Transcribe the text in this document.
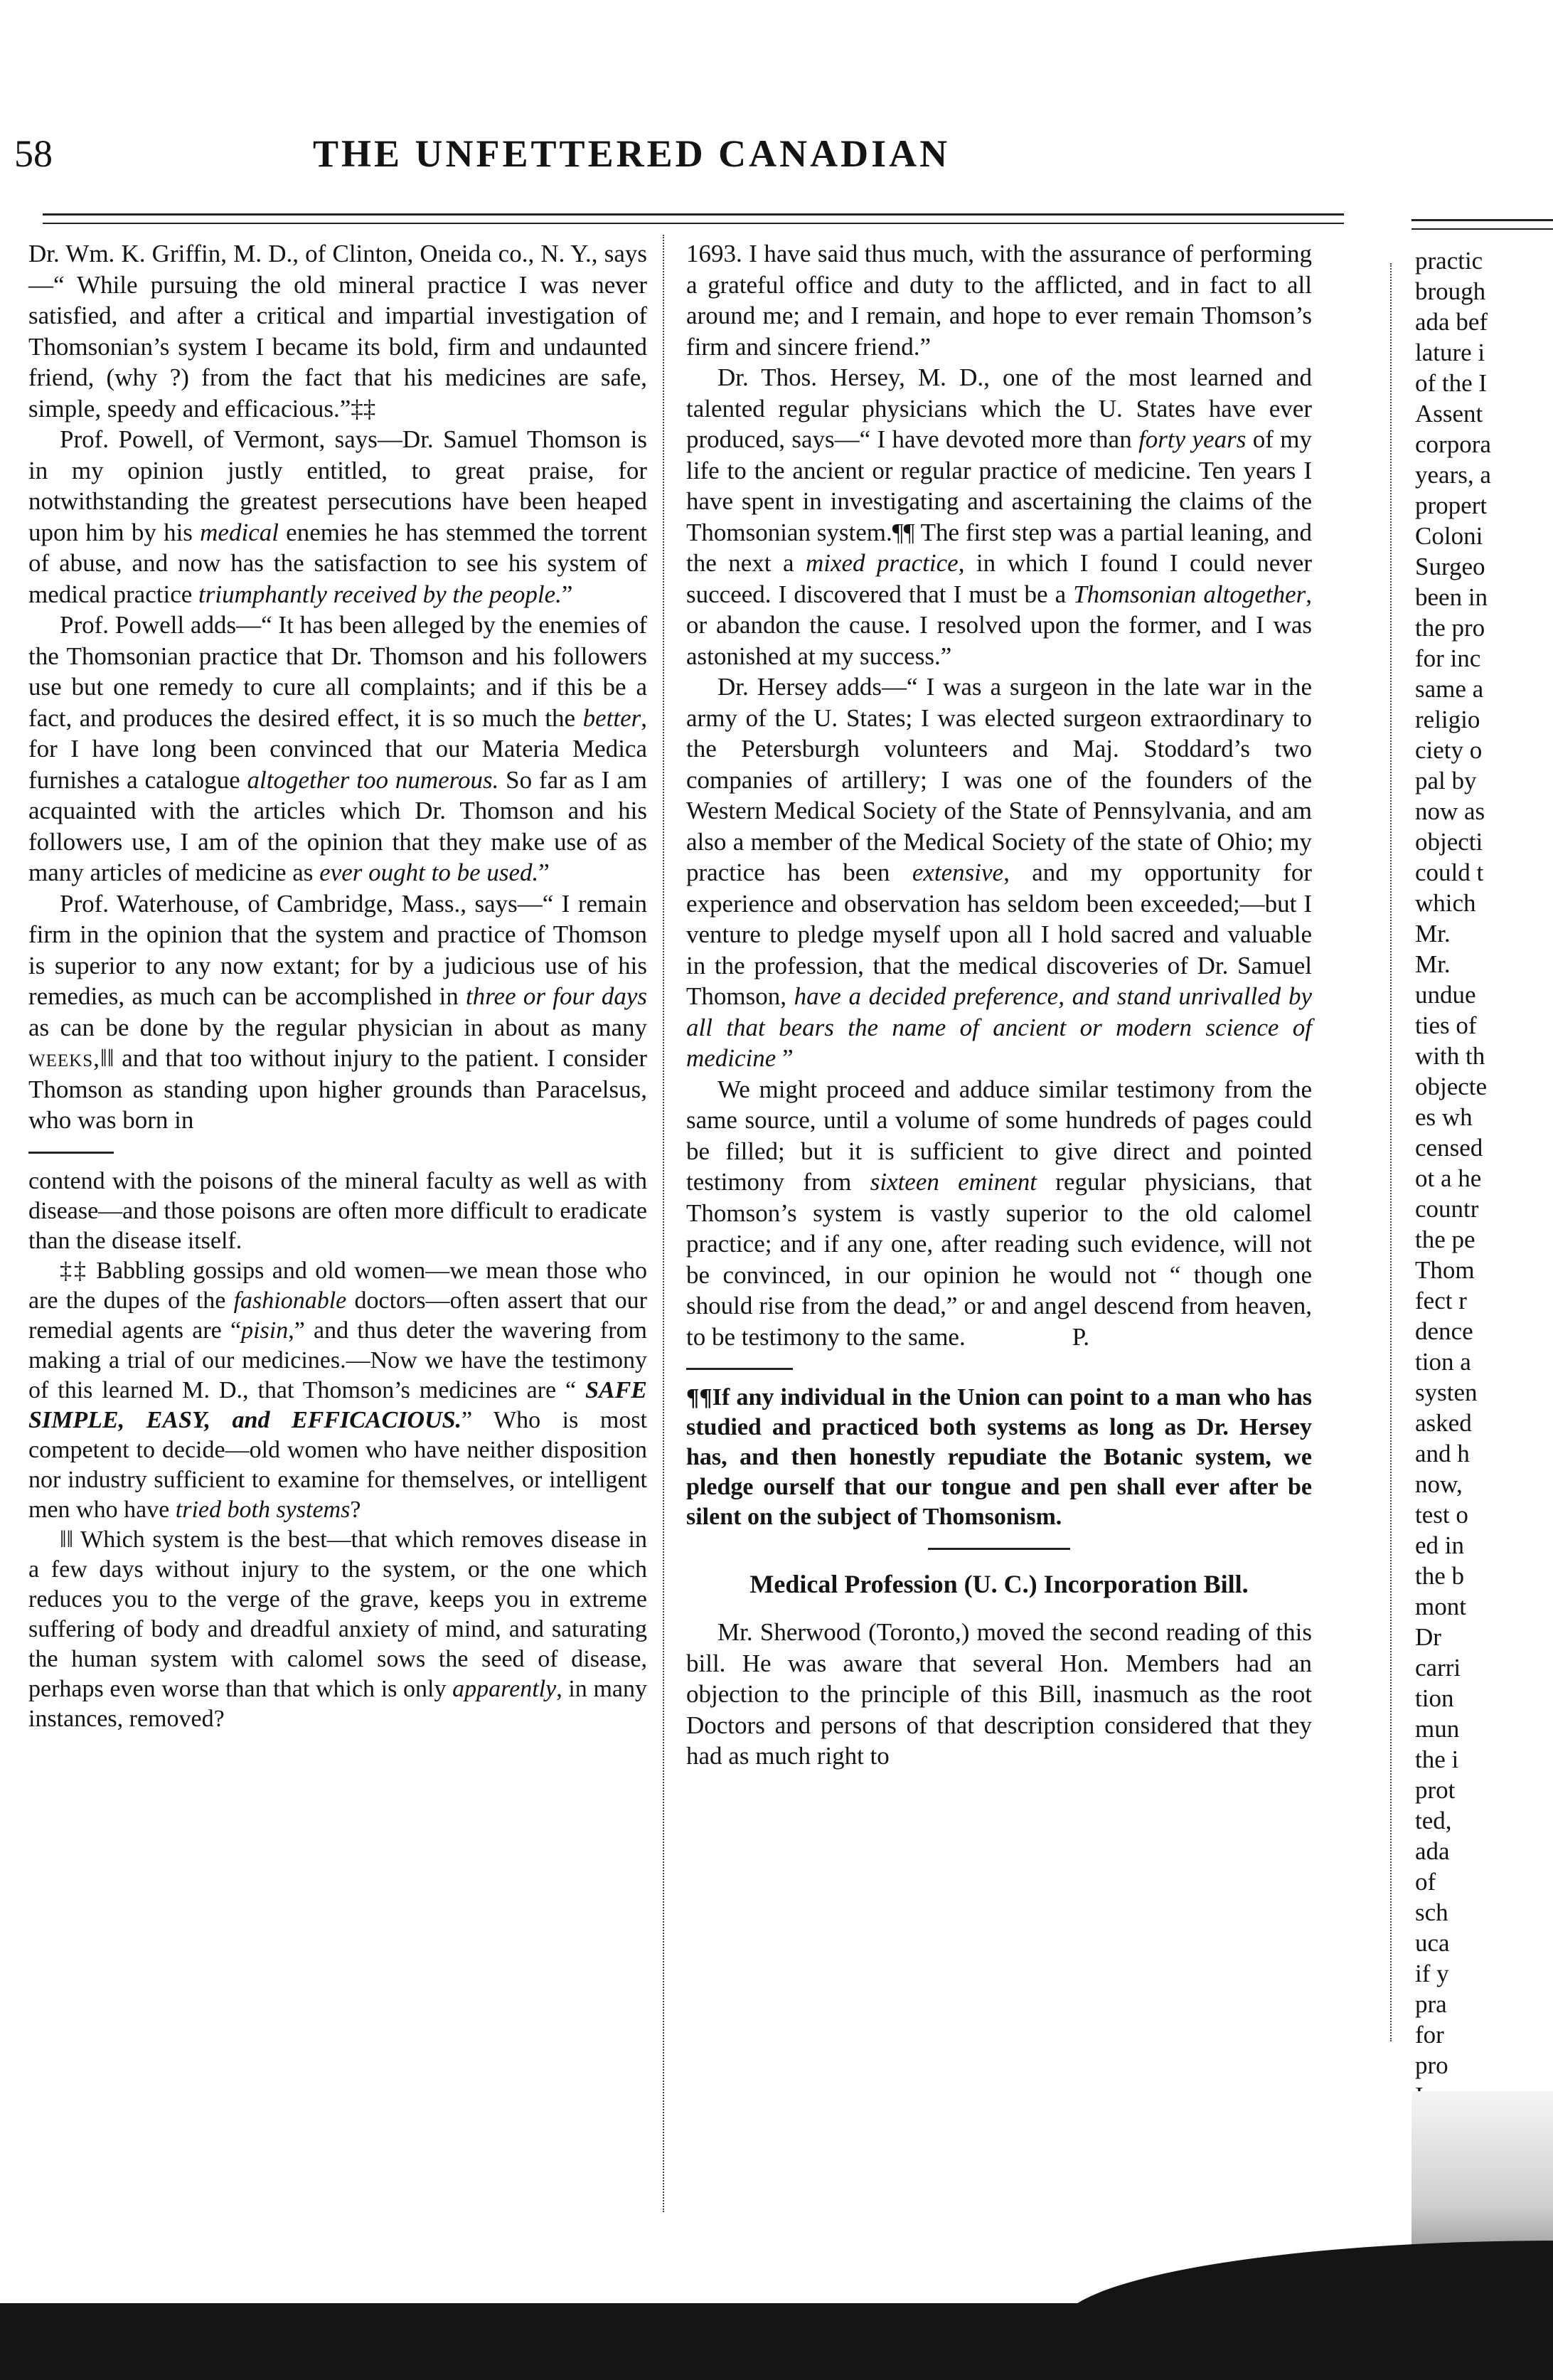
58	THE UNFETTERED CANADIAN

Dr. Wm. K. Griffin, M. D., of Clinton, Oneida co., N. Y., says—“ While pursuing the old mineral practice I was never satisfied, and after a critical and impartial investigation of Thomsonian’s system I became its bold, firm and undaunted friend, (why ?) from the fact that his medicines are safe, simple, speedy and efficacious.”‡‡

Prof. Powell, of Vermont, says—Dr. Samuel Thomson is in my opinion justly entitled, to great praise, for notwithstanding the greatest persecutions have been heaped upon him by his medical enemies he has stemmed the torrent of abuse, and now has the satisfaction to see his system of medical practice triumphantly received by the people.”

Prof. Powell adds—“ It has been alleged by the enemies of the Thomsonian practice that Dr. Thomson and his followers use but one remedy to cure all complaints; and if this be a fact, and produces the desired effect, it is so much the better, for I have long been convinced that our Materia Medica furnishes a catalogue altogether too numerous. So far as I am acquainted with the articles which Dr. Thomson and his followers use, I am of the opinion that they make use of as many articles of medicine as ever ought to be used.”

Prof. Waterhouse, of Cambridge, Mass., says—“ I remain firm in the opinion that the system and practice of Thomson is superior to any now extant; for by a judicious use of his remedies, as much can be accomplished in three or four days as can be done by the regular physician in about as many weeks,‖‖ and that too without injury to the patient. I consider Thomson as standing upon higher grounds than Paracelsus, who was born in

contend with the poisons of the mineral faculty as well as with disease—and those poisons are often more difficult to eradicate than the disease itself.

‡‡ Babbling gossips and old women—we mean those who are the dupes of the fashionable doctors—often assert that our remedial agents are “pisin,” and thus deter the wavering from making a trial of our medicines.—Now we have the testimony of this learned M. D., that Thomson’s medicines are “ SAFE SIMPLE, EASY, and EFFICACIOUS.” Who is most competent to decide—old women who have neither disposition nor industry sufficient to examine for themselves, or intelligent men who have tried both systems?

‖‖ Which system is the best—that which removes disease in a few days without injury to the system, or the one which reduces you to the verge of the grave, keeps you in extreme suffering of body and dreadful anxiety of mind, and saturating the human system with calomel sows the seed of disease, perhaps even worse than that which is only apparently, in many instances, removed?

1693. I have said thus much, with the assurance of performing a grateful office and duty to the afflicted, and in fact to all around me; and I remain, and hope to ever remain Thomson’s firm and sincere friend.”

Dr. Thos. Hersey, M. D., one of the most learned and talented regular physicians which the U. States have ever produced, says—“ I have devoted more than forty years of my life to the ancient or regular practice of medicine. Ten years I have spent in investigating and ascertaining the claims of the Thomsonian system.¶¶ The first step was a partial leaning, and the next a mixed practice, in which I found I could never succeed. I discovered that I must be a Thomsonian altogether, or abandon the cause. I resolved upon the former, and I was astonished at my success.”

Dr. Hersey adds—“ I was a surgeon in the late war in the army of the U. States; I was elected surgeon extraordinary to the Petersburgh volunteers and Maj. Stoddard’s two companies of artillery; I was one of the founders of the Western Medical Society of the State of Pennsylvania, and am also a member of the Medical Society of the state of Ohio; my practice has been extensive, and my opportunity for experience and observation has seldom been exceeded;—but I venture to pledge myself upon all I hold sacred and valuable in the profession, that the medical discoveries of Dr. Samuel Thomson, have a decided preference, and stand unrivalled by all that bears the name of ancient or modern science of medicine ”

We might proceed and adduce similar testimony from the same source, until a volume of some hundreds of pages could be filled; but it is sufficient to give direct and pointed testimony from sixteen eminent regular physicians, that Thomson’s system is vastly superior to the old calomel practice; and if any one, after reading such evidence, will not be convinced, in our opinion he would not “ though one should rise from the dead,” or and angel descend from heaven, to be testimony to the same.	P.

¶¶If any individual in the Union can point to a man who has studied and practiced both systems as long as Dr. Hersey has, and then honestly repudiate the Botanic system, we pledge ourself that our tongue and pen shall ever after be silent on the subject of Thomsonism.

Medical Profession (U. C.) Incorporation Bill.

Mr. Sherwood (Toronto,) moved the second reading of this bill. He was aware that several Hon. Members had an objection to the principle of this Bill, inasmuch as the root Doctors and persons of that description considered that they had as much right to

practic
brough
ada bef
lature i
of the I
Assent
corpora
years, a
propert
Coloni
Surgeo
been in
the pro
for inc
same a
religio
ciety o
pal by
now as
objecti
could t
which
Mr.
Mr.
undue
ties of
with th
objecte
es wh
censed
ot a he
countr
the pe
Thom
fect r
dence
tion a
systen
asked
and h
now,
test o
ed in
the b
mont
Dr
carri
tion
mun
the i
prot
ted,
ada
of
sch
uca
if y
pra
for
pro
